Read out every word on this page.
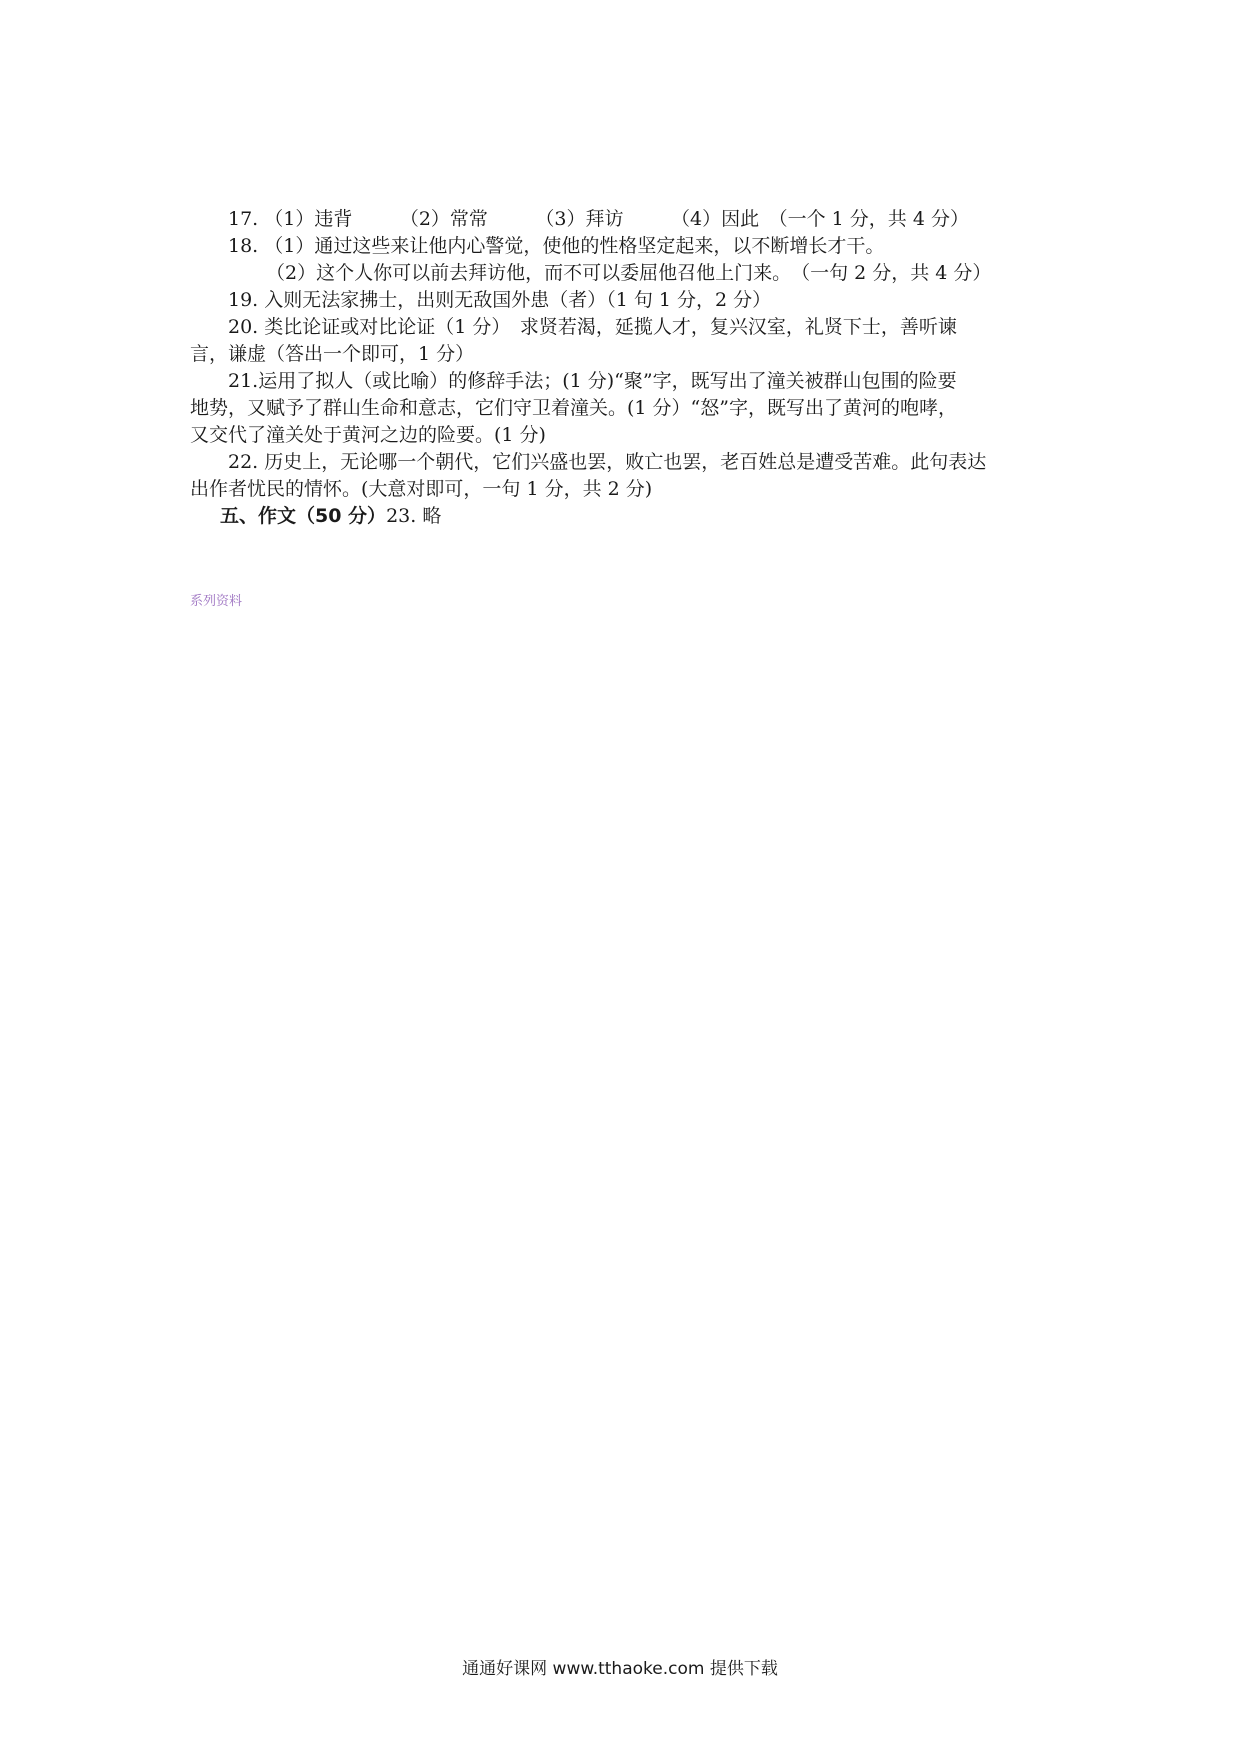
17. （1）违背　　　（2）常常　　　（3）拜访　　　（4）因此　（一个 1 分，共 4 分）
18. （1）通过这些来让他内心警觉，使他的性格坚定起来，以不断增长才干。
（2）这个人你可以前去拜访他，而不可以委屈他召他上门来。　（一句 2 分，共 4 分）
19. 入则无法家拂士，出则无敌国外患（者）（1 句 1 分，2 分）
20. 类比论证或对比论证（1 分）　求贤若渴，延揽人才，复兴汉室，礼贤下士，善听谏
言，谦虚（答出一个即可，1 分）
21.运用了拟人（或比喻）的修辞手法；(1 分)“聚”字，既写出了潼关被群山包围的险要
地势，又赋予了群山生命和意志，它们守卫着潼关。(1 分）“怒”字，既写出了黄河的咆哮，
又交代了潼关处于黄河之边的险要。(1 分)
22. 历史上，无论哪一个朝代，它们兴盛也罢，败亡也罢，老百姓总是遭受苦难。此句表达
出作者忧民的情怀。(大意对即可，一句 1 分，共 2 分)
五、作文（50 分）23. 略
系列资料
通通好课网 www.tthaoke.com 提供下载
